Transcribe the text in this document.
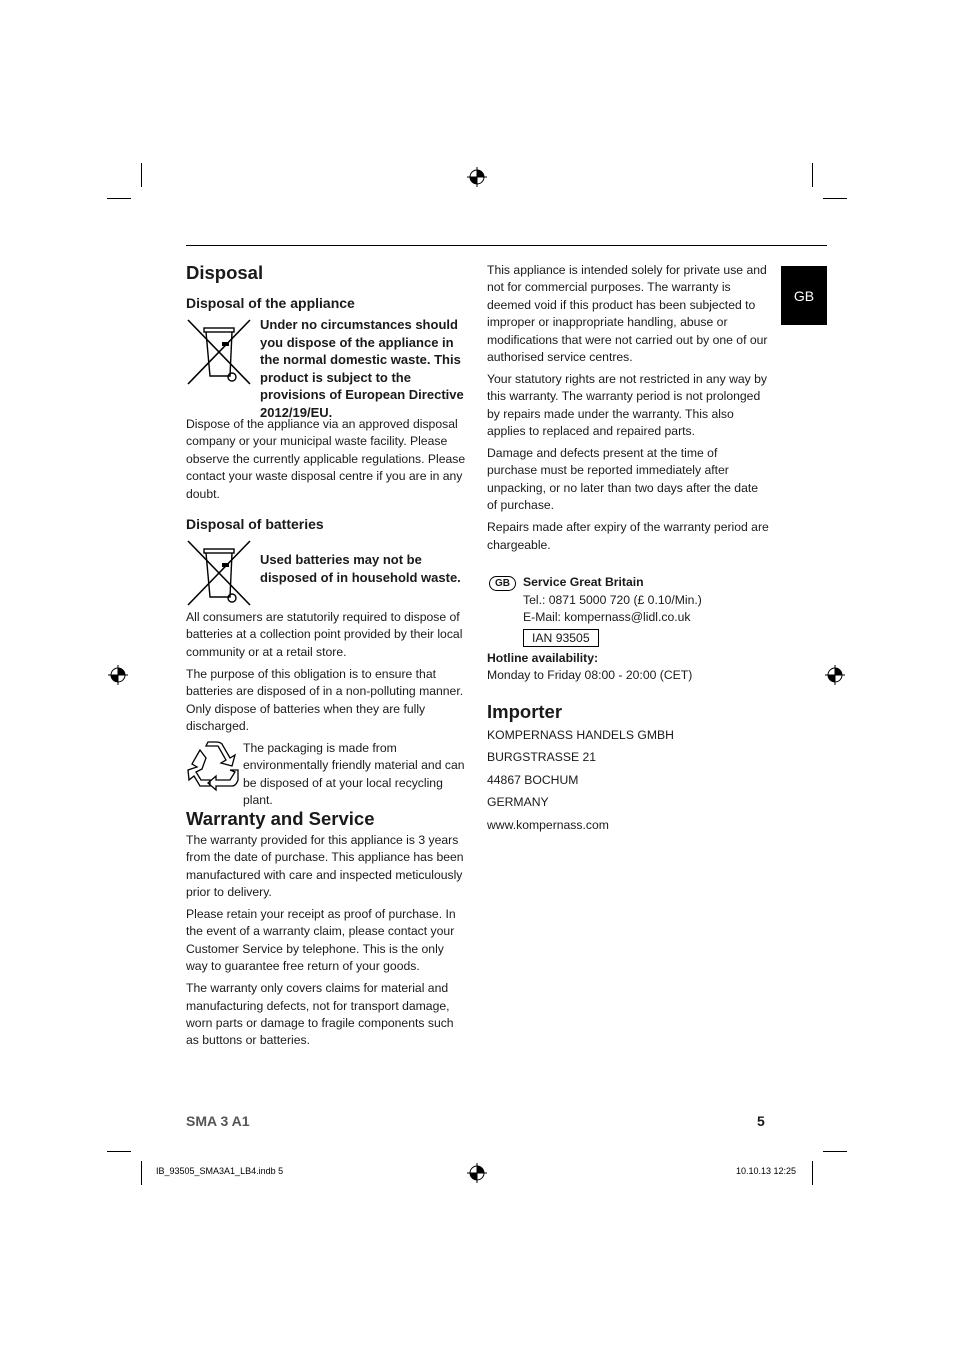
GB
Disposal
Disposal of the appliance
Under no circumstances should you dispose of the appliance in the normal domestic waste. This product is subject to the provisions of European Directive 2012/19/EU.

Dispose of the appliance via an approved disposal company or your municipal waste facility. Please observe the currently applicable regulations. Please contact your waste disposal centre if you are in any doubt.

Disposal of batteries
Used batteries may not be disposed of in household waste.

All consumers are statutorily required to dispose of batteries at a collection point provided by their local community or at a retail store.

The purpose of this obligation is to ensure that batteries are disposed of in a non-polluting manner. Only dispose of batteries when they are fully discharged.

The packaging is made from environmentally friendly material and can be disposed of at your local recycling plant.
Warranty and Service

The warranty provided for this appliance is 3 years from the date of purchase. This appliance has been manufactured with care and inspected meticulously prior to delivery.

Please retain your receipt as proof of purchase. In the event of a warranty claim, please contact your Customer Service by telephone. This is the only way to guarantee free return of your goods.

The warranty only covers claims for material and manufacturing defects, not for transport damage, worn parts or damage to fragile components such as buttons or batteries.

This appliance is intended solely for private use and not for commercial purposes. The warranty is deemed void if this product has been subjected to improper or inappropriate handling, abuse or modifications that were not carried out by one of our authorised service centres.

Your statutory rights are not restricted in any way by this warranty. The warranty period is not prolonged by repairs made under the warranty. This also applies to replaced and repaired parts.

Damage and defects present at the time of purchase must be reported immediately after unpacking, or no later than two days after the date of purchase.

Repairs made after expiry of the warranty period are chargeable.

GB	Service Great Britain
Tel.: 0871 5000 720 (£ 0.10/Min.)
E-Mail: kompernass@lidl.co.uk
IAN 93505
Hotline availability:
Monday to Friday 08:00 - 20:00 (CET)
Importer
KOMPERNASS HANDELS GMBH
BURGSTRASSE 21
44867 BOCHUM
GERMANY
www.kompernass.com
SMA 3 A1	5
IB_93505_SMA3A1_LB4.indb 5	10.10.13 12:25
